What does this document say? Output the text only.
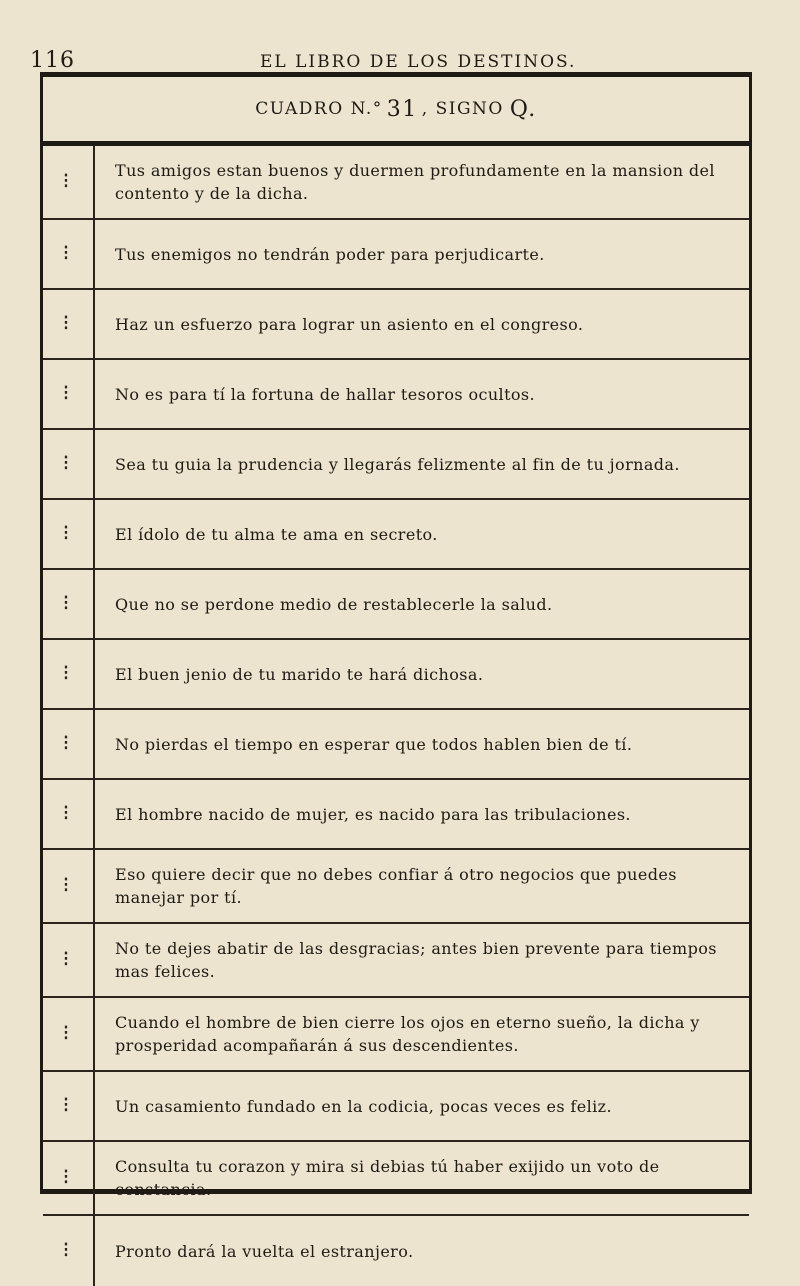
116	EL LIBRO DE LOS DESTINOS.
CUADRO N.° 31 , SIGNO Q.
⁝	Tus amigos estan buenos y duermen profundamente en la mansion del contento y de la dicha.
⁝	Tus enemigos no tendrán poder para perjudicarte.
⁝	Haz un esfuerzo para lograr un asiento en el congreso.
⁝	No es para tí la fortuna de hallar tesoros ocultos.
⁝	Sea tu guia la prudencia y llegarás felizmente al fin de tu jornada.
⁝	El ídolo de tu alma te ama en secreto.
⁝	Que no se perdone medio de restablecerle la salud.
⁝	El buen jenio de tu marido te hará dichosa.
⁝	No pierdas el tiempo en esperar que todos hablen bien de tí.
⁝	El hombre nacido de mujer, es nacido para las tribulaciones.
⁝	Eso quiere decir que no debes confiar á otro negocios que puedes manejar por tí.
⁝	No te dejes abatir de las desgracias; antes bien prevente para tiempos mas felices.
⁝	Cuando el hombre de bien cierre los ojos en eterno sueño, la dicha y prosperidad acompañarán á sus descendientes.
⁝	Un casamiento fundado en la codicia, pocas veces es feliz.
⁝	Consulta tu corazon y mira si debias tú haber exijido un voto de constancia.
⁝	Pronto dará la vuelta el estranjero.
